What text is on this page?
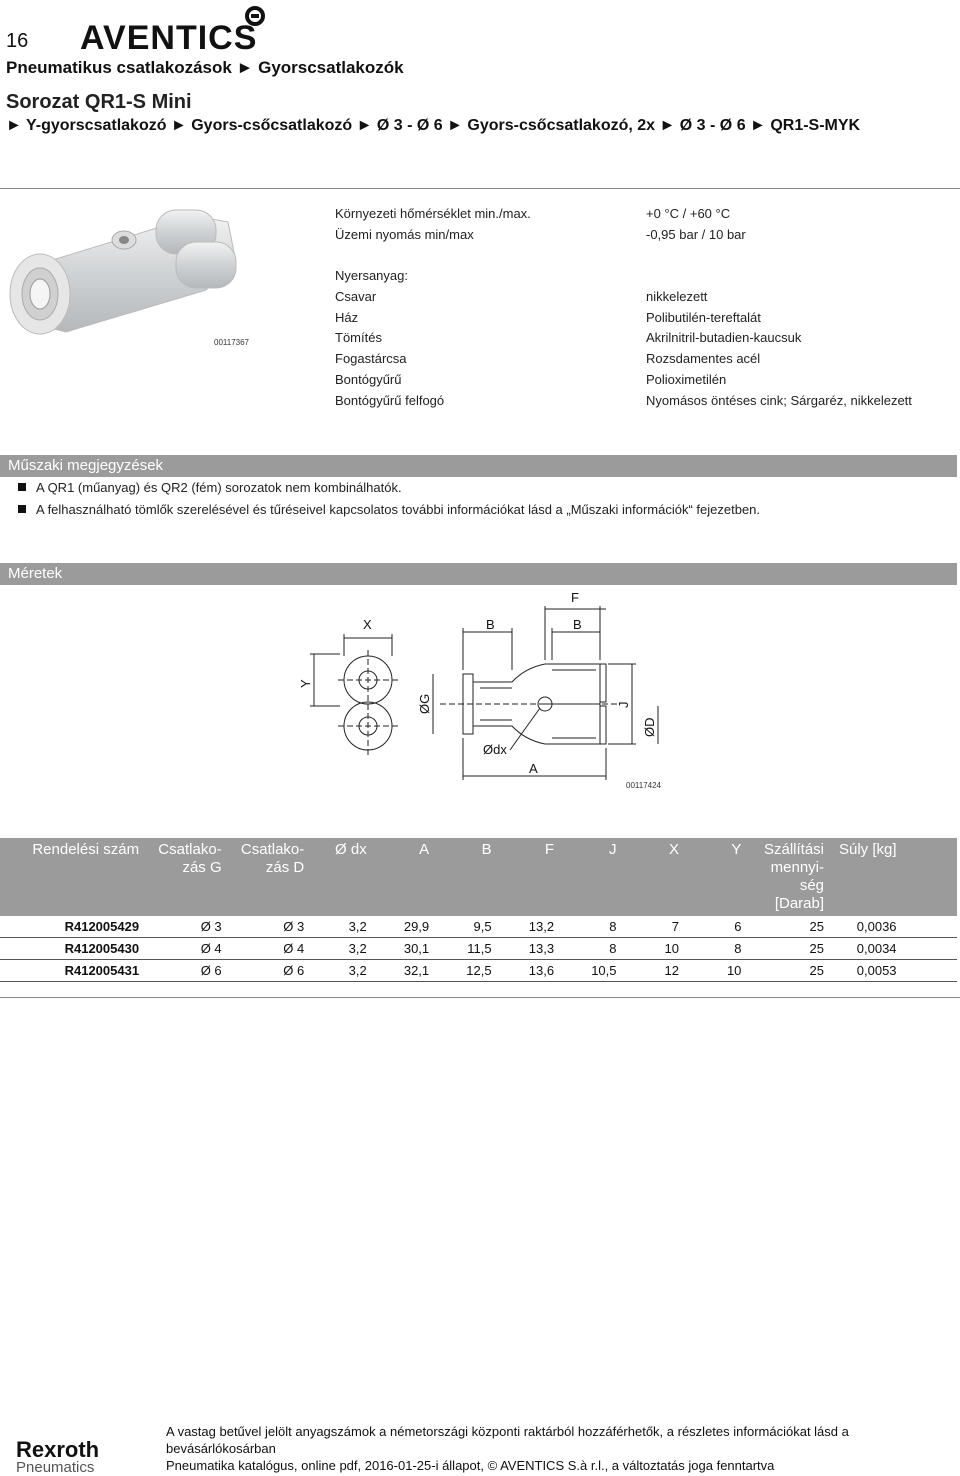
16 AVENTICS
Pneumatikus csatlakozások ► Gyorscsatlakozók
Sorozat QR1-S Mini
► Y-gyorscsatlakozó ► Gyors-csőcsatlakozó ► Ø 3 - Ø 6 ► Gyors-csőcsatlakozó, 2x ► Ø 3 - Ø 6 ► QR1-S-MYK
00117367
Környezeti hőmérséklet min./max.	+0 °C / +60 °C
Üzemi nyomás min/max	-0,95 bar / 10 bar
Nyersanyag:
Csavar	nikkelezett
Ház	Polibutilén-tereftalát
Tömítés	Akrilnitril-butadien-kaucsuk
Fogastárcsa	Rozsdamentes acél
Bontógyűrű	Polioximetilén
Bontógyűrű felfogó	Nyomásos öntéses cink; Sárgaréz, nikkelezett
Műszaki megjegyzések
A QR1 (műanyag) és QR2 (fém) sorozatok nem kombinálhatók.
A felhasználható tömlők szerelésével és tűréseivel kapcsolatos további információkat lásd a „Műszaki információk“ fejezetben.
Méretek
X	B	B
F
Y
ØG	J
ØD
Ødx
A
00117424
Rendelési szám	Csatlako-zás G	Csatlako-zás D	Ø dx	A	B	F	J	X	Y	Szállítási mennyi-ség [Darab]	Súly [kg]	
R412005429	Ø 3	Ø 3	3,2	29,9	9,5	13,2	8	7	6	25	0,0036	
R412005430	Ø 4	Ø 4	3,2	30,1	11,5	13,3	8	10	8	25	0,0034	
R412005431	Ø 6	Ø 6	3,2	32,1	12,5	13,6	10,5	12	10	25	0,0053	
Rexroth
Pneumatics
A vastag betűvel jelölt anyagszámok a németországi központi raktárból hozzáférhetők, a részletes információkat lásd a bevásárlókosárban
Pneumatika katalógus, online pdf, 2016-01-25-i állapot, © AVENTICS S.à r.l., a változtatás joga fenntartva
